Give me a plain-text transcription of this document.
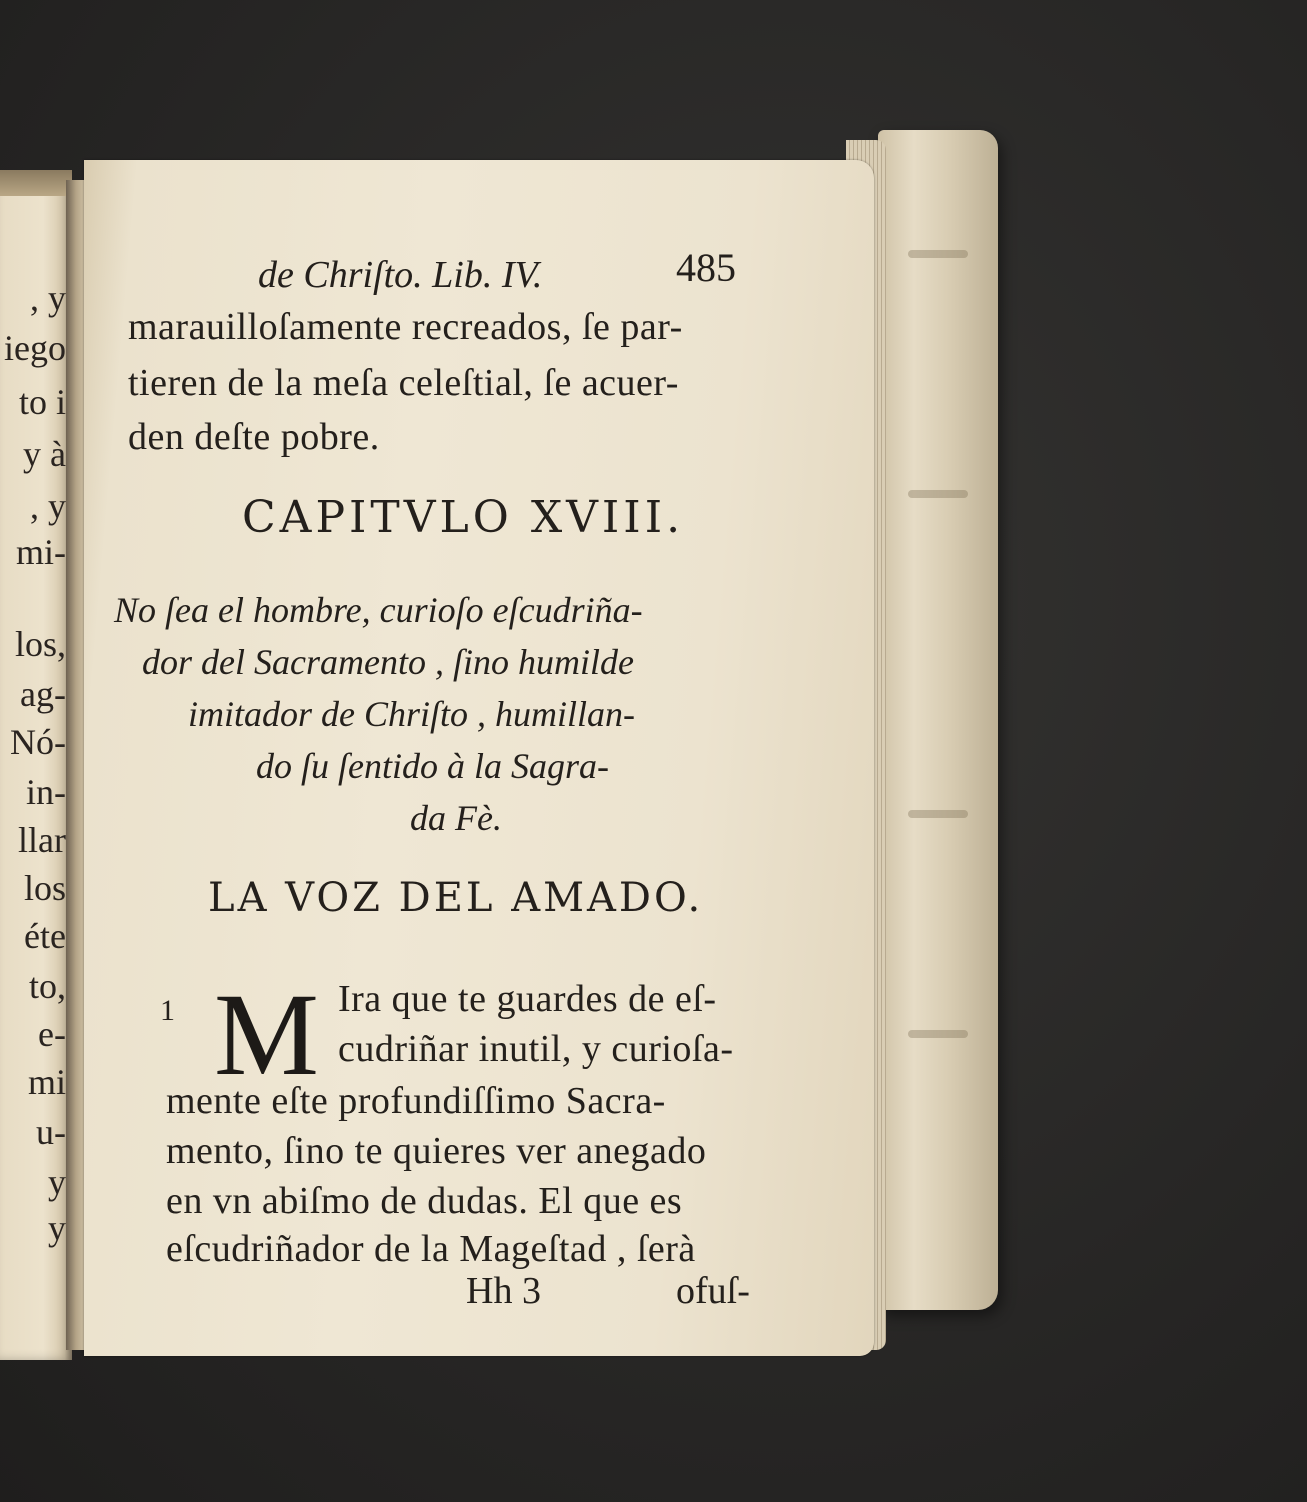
, y
iego
to i
y à
, y
mi-
los,
ag-
Nó-
in-
llar
los
éte
to,
e-
mi
u-
y
y
de Chriſto. Lib. IV.	485
marauilloſamente recreados, ſe par-
tieren de la meſa celeſtial, ſe acuer-
den deſte pobre.
CAPITVLO XVIII.
No ſea el hombre, curioſo eſcudriña-
dor del Sacramento , ſino humilde
imitador de Chriſto , humillan-
do ſu ſentido à la Sagra-
da Fè.
LA VOZ DEL AMADO.
1 M Ira que te guardes de eſ-
cudriñar inutil, y curioſa-
mente eſte profundiſſimo Sacra-
mento, ſino te quieres ver anegado
en vn abiſmo de dudas. El que es
eſcudriñador de la Mageſtad , ſerà
Hh 3	ofuſ-
